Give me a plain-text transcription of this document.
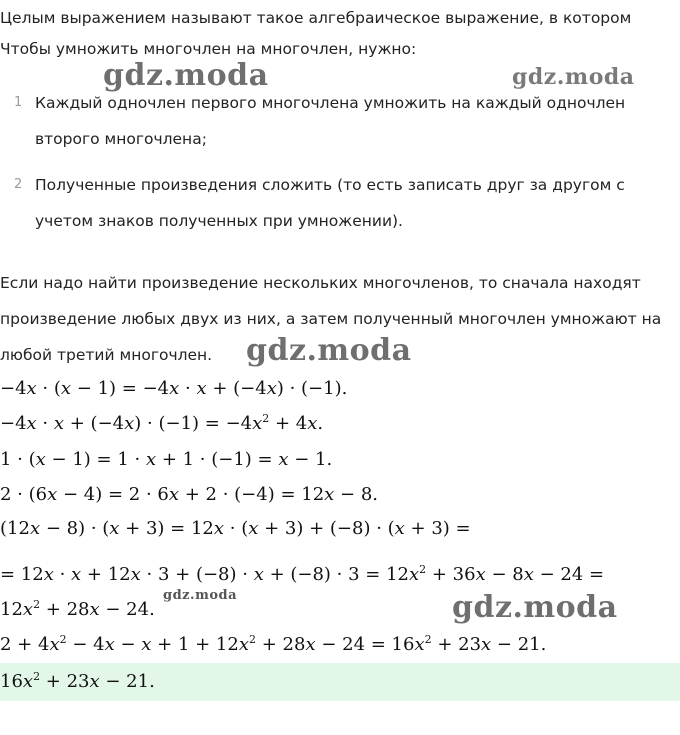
Целым выражением называют такое алгебраическое выражение, в котором
Чтобы умножить многочлен на многочлен, нужно:
1 Каждый одночлен первого многочлена умножить на каждый одночлен второго многочлена;
2 Полученные произведения сложить (то есть записать друг за другом с учетом знаков полученных при умножении).
Если надо найти произведение нескольких многочленов, то сначала находят произведение любых двух из них, а затем полученный многочлен умножают на любой третий многочлен.
−4x · (x − 1) = −4x · x + (−4x) · (−1).
$-4x \cdot x + (-4x) \cdot (-1) = -4x^2 + 4x$.
1 · (x − 1) = 1 · x + 1 · (−1) = x − 1.
2 · (6x − 4) = 2 · 6x + 2 · (−4) = 12x − 8.
(12x − 8) · (x + 3) = 12x · (x + 3) + (−8) · (x + 3) =
= $12x \cdot x + 12x \cdot 3 + (-8) \cdot x + (-8) \cdot 3 = 12x^2 + 36x - 8x - 24$ =
$12x^2 + 28x - 24$.
$2 + 4x^2 - 4x - x + 1 + 12x^2 + 28x - 24 = 16x^2 + 23x - 21$.
$16x^2 + 23x - 21$.
gdz.moda	gdz.moda
gdz.moda
gdz.moda	gdz.moda
